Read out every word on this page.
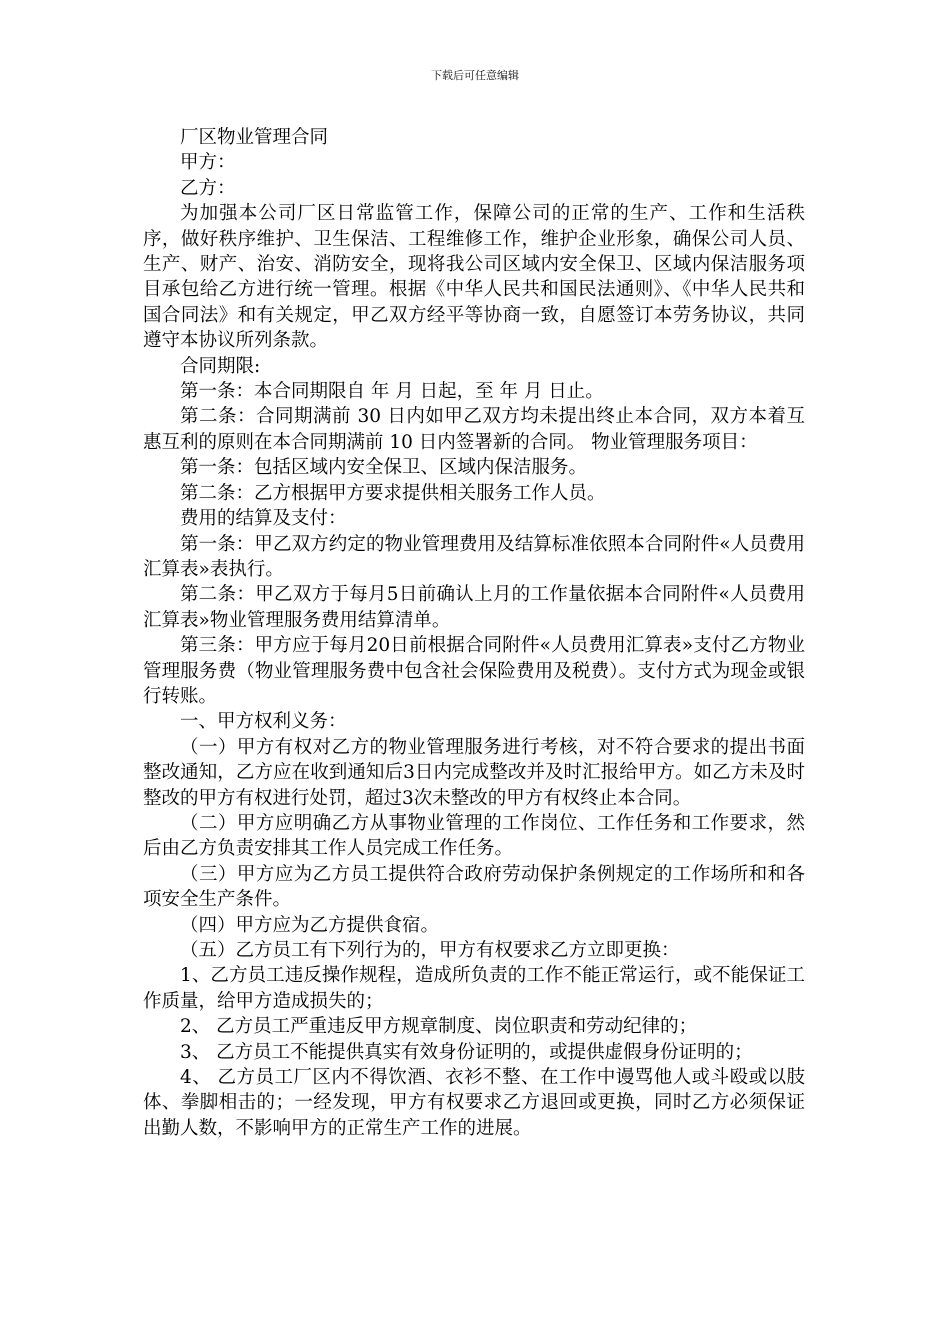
下载后可任意编辑

厂区物业管理合同

甲方：

乙方：

为加强本公司厂区日常监管工作，保障公司的正常的生产、工作和生活秩序，做好秩序维护、卫生保洁、工程维修工作，维护企业形象，确保公司人员、生产、财产、治安、消防安全，现将我公司区域内安全保卫、区域内保洁服务项目承包给乙方进行统一管理。根据《中华人民共和国民法通则》、《中华人民共和国合同法》和有关规定，甲乙双方经平等协商一致，自愿签订本劳务协议，共同遵守本协议所列条款。

合同期限:

第一条：本合同期限自 年 月 日起，至 年 月 日止。

第二条：合同期满前 30 日内如甲乙双方均未提出终止本合同，双方本着互惠互利的原则在本合同期满前 10 日内签署新的合同。 物业管理服务项目：

第一条：包括区域内安全保卫、区域内保洁服务。

第二条：乙方根据甲方要求提供相关服务工作人员。

费用的结算及支付：

第一条：甲乙双方约定的物业管理费用及结算标准依照本合同附件«人员费用汇算表»表执行。

第二条：甲乙双方于每月5日前确认上月的工作量依据本合同附件«人员费用汇算表»物业管理服务费用结算清单。

第三条：甲方应于每月20日前根据合同附件«人员费用汇算表»支付乙方物业管理服务费（物业管理服务费中包含社会保险费用及税费）。支付方式为现金或银行转账。

一、甲方权利义务：

（一）甲方有权对乙方的物业管理服务进行考核，对不符合要求的提出书面整改通知，乙方应在收到通知后3日内完成整改并及时汇报给甲方。如乙方未及时整改的甲方有权进行处罚，超过3次未整改的甲方有权终止本合同。

（二）甲方应明确乙方从事物业管理的工作岗位、工作任务和工作要求，然后由乙方负责安排其工作人员完成工作任务。

（三）甲方应为乙方员工提供符合政府劳动保护条例规定的工作场所和和各项安全生产条件。

（四）甲方应为乙方提供食宿。

（五）乙方员工有下列行为的，甲方有权要求乙方立即更换：

1、乙方员工违反操作规程，造成所负责的工作不能正常运行，或不能保证工作质量，给甲方造成损失的；

2、 乙方员工严重违反甲方规章制度、岗位职责和劳动纪律的；

3、 乙方员工不能提供真实有效身份证明的，或提供虚假身份证明的；

4、 乙方员工厂区内不得饮酒、衣衫不整、在工作中谩骂他人或斗殴或以肢体、拳脚相击的；一经发现，甲方有权要求乙方退回或更换，同时乙方必须保证出勤人数，不影响甲方的正常生产工作的进展。
